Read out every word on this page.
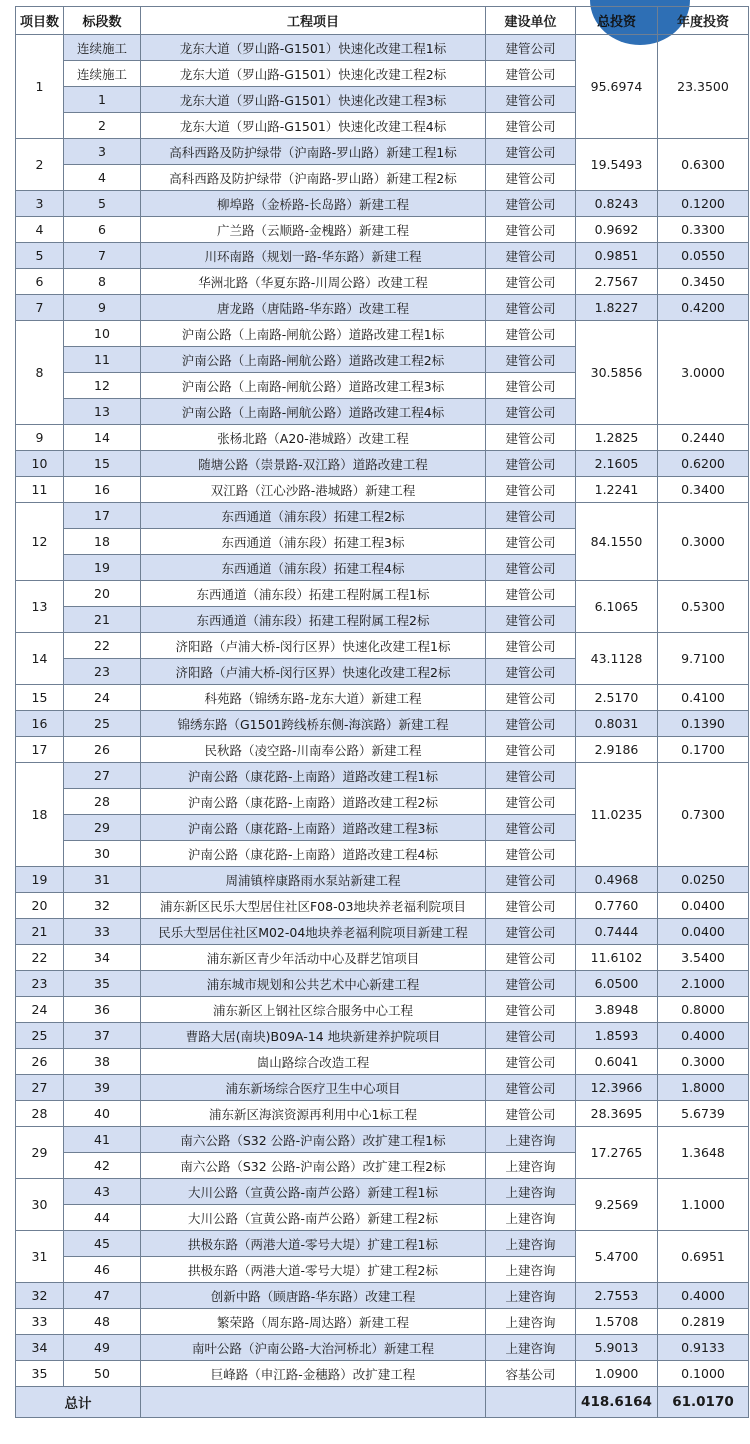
项目数	标段数	工程项目	建设单位	总投资	年度投资
1	连续施工	龙东大道（罗山路-G1501）快速化改建工程1标	建管公司	95.6974	23.3500
	连续施工	龙东大道（罗山路-G1501）快速化改建工程2标	建管公司		
	1	龙东大道（罗山路-G1501）快速化改建工程3标	建管公司		
	2	龙东大道（罗山路-G1501）快速化改建工程4标	建管公司		
2	3	高科西路及防护绿带（沪南路-罗山路）新建工程1标	建管公司	19.5493	0.6300
	4	高科西路及防护绿带（沪南路-罗山路）新建工程2标	建管公司		
3	5	柳埠路（金桥路-长岛路）新建工程	建管公司	0.8243	0.1200
4	6	广兰路（云顺路-金槐路）新建工程	建管公司	0.9692	0.3300
5	7	川环南路（规划一路-华东路）新建工程	建管公司	0.9851	0.0550
6	8	华洲北路（华夏东路-川周公路）改建工程	建管公司	2.7567	0.3450
7	9	唐龙路（唐陆路-华东路）改建工程	建管公司	1.8227	0.4200
8	10	沪南公路（上南路-闸航公路）道路改建工程1标	建管公司	30.5856	3.0000
	11	沪南公路（上南路-闸航公路）道路改建工程2标	建管公司		
	12	沪南公路（上南路-闸航公路）道路改建工程3标	建管公司		
	13	沪南公路（上南路-闸航公路）道路改建工程4标	建管公司		
9	14	张杨北路（A20-港城路）改建工程	建管公司	1.2825	0.2440
10	15	随塘公路（崇景路-双江路）道路改建工程	建管公司	2.1605	0.6200
11	16	双江路（江心沙路-港城路）新建工程	建管公司	1.2241	0.3400
12	17	东西通道（浦东段）拓建工程2标	建管公司	84.1550	0.3000
	18	东西通道（浦东段）拓建工程3标	建管公司		
	19	东西通道（浦东段）拓建工程4标	建管公司		
13	20	东西通道（浦东段）拓建工程附属工程1标	建管公司	6.1065	0.5300
	21	东西通道（浦东段）拓建工程附属工程2标	建管公司		
14	22	济阳路（卢浦大桥-闵行区界）快速化改建工程1标	建管公司	43.1128	9.7100
	23	济阳路（卢浦大桥-闵行区界）快速化改建工程2标	建管公司		
15	24	科苑路（锦绣东路-龙东大道）新建工程	建管公司	2.5170	0.4100
16	25	锦绣东路（G1501跨线桥东侧-海滨路）新建工程	建管公司	0.8031	0.1390
17	26	民秋路（凌空路-川南奉公路）新建工程	建管公司	2.9186	0.1700
18	27	沪南公路（康花路-上南路）道路改建工程1标	建管公司	11.0235	0.7300
	28	沪南公路（康花路-上南路）道路改建工程2标	建管公司		
	29	沪南公路（康花路-上南路）道路改建工程3标	建管公司		
	30	沪南公路（康花路-上南路）道路改建工程4标	建管公司		
19	31	周浦镇梓康路雨水泵站新建工程	建管公司	0.4968	0.0250
20	32	浦东新区民乐大型居住社区F08-03地块养老福利院项目	建管公司	0.7760	0.0400
21	33	民乐大型居住社区M02-04地块养老福利院项目新建工程	建管公司	0.7444	0.0400
22	34	浦东新区青少年活动中心及群艺馆项目	建管公司	11.6102	3.5400
23	35	浦东城市规划和公共艺术中心新建工程	建管公司	6.0500	2.1000
24	36	浦东新区上钢社区综合服务中心工程	建管公司	3.8948	0.8000
25	37	曹路大居(南块)B09A-14 地块新建养护院项目	建管公司	1.8593	0.4000
26	38	崮山路综合改造工程	建管公司	0.6041	0.3000
27	39	浦东新场综合医疗卫生中心项目	建管公司	12.3966	1.8000
28	40	浦东新区海滨资源再利用中心1标工程	建管公司	28.3695	5.6739
29	41	南六公路（S32 公路-沪南公路）改扩建工程1标	上建咨询	17.2765	1.3648
	42	南六公路（S32 公路-沪南公路）改扩建工程2标	上建咨询		
30	43	大川公路（宣黄公路-南芦公路）新建工程1标	上建咨询	9.2569	1.1000
	44	大川公路（宣黄公路-南芦公路）新建工程2标	上建咨询		
31	45	拱极东路（两港大道-零号大堤）扩建工程1标	上建咨询	5.4700	0.6951
	46	拱极东路（两港大道-零号大堤）扩建工程2标	上建咨询		
32	47	创新中路（顾唐路-华东路）改建工程	上建咨询	2.7553	0.4000
33	48	繁荣路（周东路-周达路）新建工程	上建咨询	1.5708	0.2819
34	49	南叶公路（沪南公路-大治河桥北）新建工程	上建咨询	5.9013	0.9133
35	50	巨峰路（申江路-金穗路）改扩建工程	容基公司	1.0900	0.1000
总计				418.6164	61.0170
